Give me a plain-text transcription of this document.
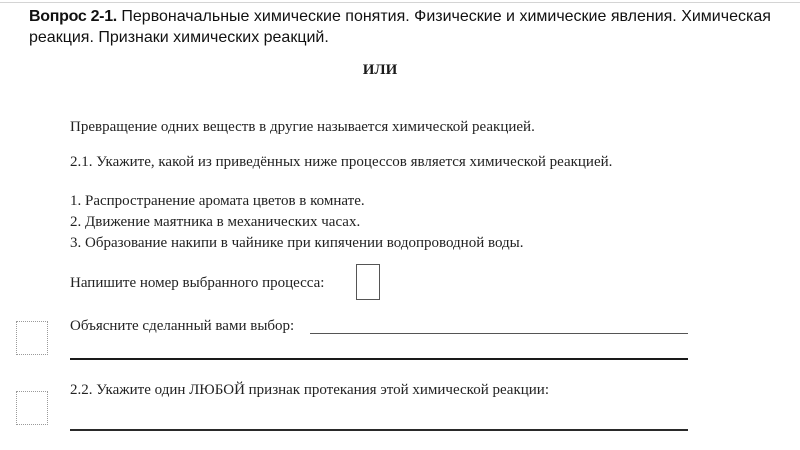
Вопрос 2-1. Первоначальные химические понятия. Физические и химические явления. Химическая реакция. Признаки химических реакций.
ИЛИ
Превращение одних веществ в другие называется химической реакцией.
2.1. Укажите, какой из приведённых ниже процессов является химической реакцией.
1. Распространение аромата цветов в комнате.
2. Движение маятника в механических часах.
3. Образование накипи в чайнике при кипячении водопроводной воды.
Напишите номер выбранного процесса:
Объясните сделанный вами выбор:
2.2. Укажите один ЛЮБОЙ признак протекания этой химической реакции:
